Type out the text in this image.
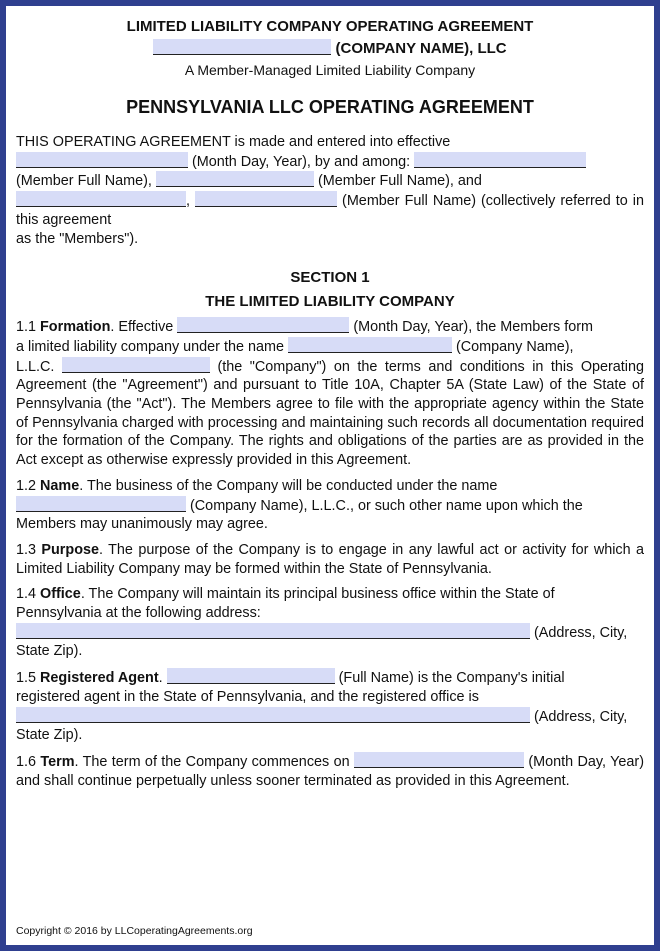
LIMITED LIABILITY COMPANY OPERATING AGREEMENT
(COMPANY NAME), LLC
A Member-Managed Limited Liability Company
PENNSYLVANIA LLC OPERATING AGREEMENT

THIS OPERATING AGREEMENT is made and entered into effective
(Month Day, Year), by and among:
(Member Full Name),	(Member Full Name), and
,	(Member Full Name) (collectively referred to in this agreement
as the "Members").

SECTION 1
THE LIMITED LIABILITY COMPANY

1.1 Formation. Effective	(Month Day, Year), the Members form
a limited liability company under the name	(Company Name),
L.L.C.	(the "Company") on the terms and conditions in this Operating Agreement (the "Agreement") and pursuant to Title 10A, Chapter 5A (State Law) of the State of Pennsylvania (the "Act"). The Members agree to file with the appropriate agency within the State of Pennsylvania charged with processing and maintaining such records all documentation required for the formation of the Company. The rights and obligations of the parties are as provided in the Act except as otherwise expressly provided in this Agreement.

1.2 Name. The business of the Company will be conducted under the name
(Company Name), L.L.C., or such other name upon which the
Members may unanimously may agree.

1.3 Purpose. The purpose of the Company is to engage in any lawful act or activity for which a Limited Liability Company may be formed within the State of Pennsylvania.

1.4 Office. The Company will maintain its principal business office within the State of
Pennsylvania at the following address:
(Address, City,
State Zip).

1.5 Registered Agent.	(Full Name) is the Company's initial
registered agent in the State of Pennsylvania, and the registered office is
(Address, City,
State Zip).

1.6 Term. The term of the Company commences on	(Month Day, Year) and shall continue perpetually unless sooner terminated as provided in this Agreement.

Copyright © 2016 by LLCoperatingAgreements.org
